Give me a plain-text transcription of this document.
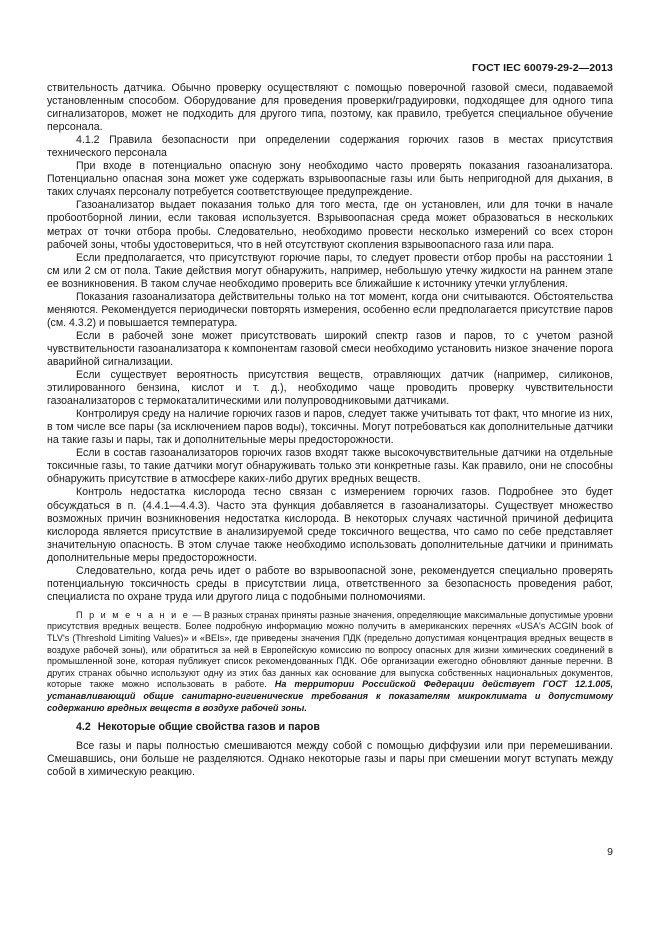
ГОСТ IEC 60079-29-2—2013

ствительность датчика. Обычно проверку осуществляют с помощью поверочной газовой смеси, подаваемой установленным способом. Оборудование для проведения проверки/градуировки, подходящее для одного типа сигнализаторов, может не подходить для другого типа, поэтому, как правило, требуется специальное обучение персонала.

4.1.2 Правила безопасности при определении содержания горючих газов в местах присутствия технического персонала

При входе в потенциально опасную зону необходимо часто проверять показания газоанализатора. Потенциально опасная зона может уже содержать взрывоопасные газы или быть непригодной для дыхания, в таких случаях персоналу потребуется соответствующее предупреждение.

Газоанализатор выдает показания только для того места, где он установлен, или для точки в начале пробоотборной линии, если таковая используется. Взрывоопасная среда может образоваться в нескольких метрах от точки отбора пробы. Следовательно, необходимо провести несколько измерений со всех сторон рабочей зоны, чтобы удостовериться, что в ней отсутствуют скопления взрывоопасного газа или пара.

Если предполагается, что присутствуют горючие пары, то следует провести отбор пробы на расстоянии 1 см или 2 см от пола. Такие действия могут обнаружить, например, небольшую утечку жидкости на раннем этапе ее возникновения. В таком случае необходимо проверить все ближайшие к источнику утечки углубления.

Показания газоанализатора действительны только на тот момент, когда они считываются. Обстоятельства меняются. Рекомендуется периодически повторять измерения, особенно если предполагается присутствие паров (см. 4.3.2) и повышается температура.

Если в рабочей зоне может присутствовать широкий спектр газов и паров, то с учетом разной чувствительности газоанализатора к компонентам газовой смеси необходимо установить низкое значение порога аварийной сигнализации.

Если существует вероятность присутствия веществ, отравляющих датчик (например, силиконов, этилированного бензина, кислот и т. д.), необходимо чаще проводить проверку чувствительности газоанализаторов с термокаталитическими или полупроводниковыми датчиками.

Контролируя среду на наличие горючих газов и паров, следует также учитывать тот факт, что многие из них, в том числе все пары (за исключением паров воды), токсичны. Могут потребоваться как дополнительные датчики на такие газы и пары, так и дополнительные меры предосторожности.

Если в состав газоанализаторов горючих газов входят также высокочувствительные датчики на отдельные токсичные газы, то такие датчики могут обнаруживать только эти конкретные газы. Как правило, они не способны обнаружить присутствие в атмосфере каких-либо других вредных веществ.

Контроль недостатка кислорода тесно связан с измерением горючих газов. Подробнее это будет обсуждаться в п. (4.4.1—4.4.3). Часто эта функция добавляется в газоанализаторы. Существует множество возможных причин возникновения недостатка кислорода. В некоторых случаях частичной причиной дефицита кислорода является присутствие в анализируемой среде токсичного вещества, что само по себе представляет значительную опасность. В этом случае также необходимо использовать дополнительные датчики и принимать дополнительные меры предосторожности.

Следовательно, когда речь идет о работе во взрывоопасной зоне, рекомендуется специально проверять потенциальную токсичность среды в присутствии лица, ответственного за безопасность проведения работ, специалиста по охране труда или другого лица с подобными полномочиями.

П р и м е ч а н и е — В разных странах приняты разные значения, определяющие максимальные допустимые уровни присутствия вредных веществ. Более подробную информацию можно получить в американских перечнях «USA's ACGIN book of TLV's (Threshold Limiting Values)» и «BEIs», где приведены значения ПДК (предельно допустимая концентрация вредных веществ в воздухе рабочей зоны), или обратиться за ней в Европейскую комиссию по вопросу опасных для жизни химических соединений в промышленной зоне, которая публикует список рекомендованных ПДК. Обе организации ежегодно обновляют данные перечни. В других странах обычно используют одну из этих баз данных как основание для выпуска собственных национальных документов, которые также можно использовать в работе. На территории Российской Федерации действует ГОСТ 12.1.005, устанавливающий общие санитарно-гигиенические требования к показателям микроклимата и допустимому содержанию вредных веществ в воздухе рабочей зоны.

4.2 Некоторые общие свойства газов и паров

Все газы и пары полностью смешиваются между собой с помощью диффузии или при перемешивании. Смешавшись, они больше не разделяются. Однако некоторые газы и пары при смешении могут вступать между собой в химическую реакцию.

9
